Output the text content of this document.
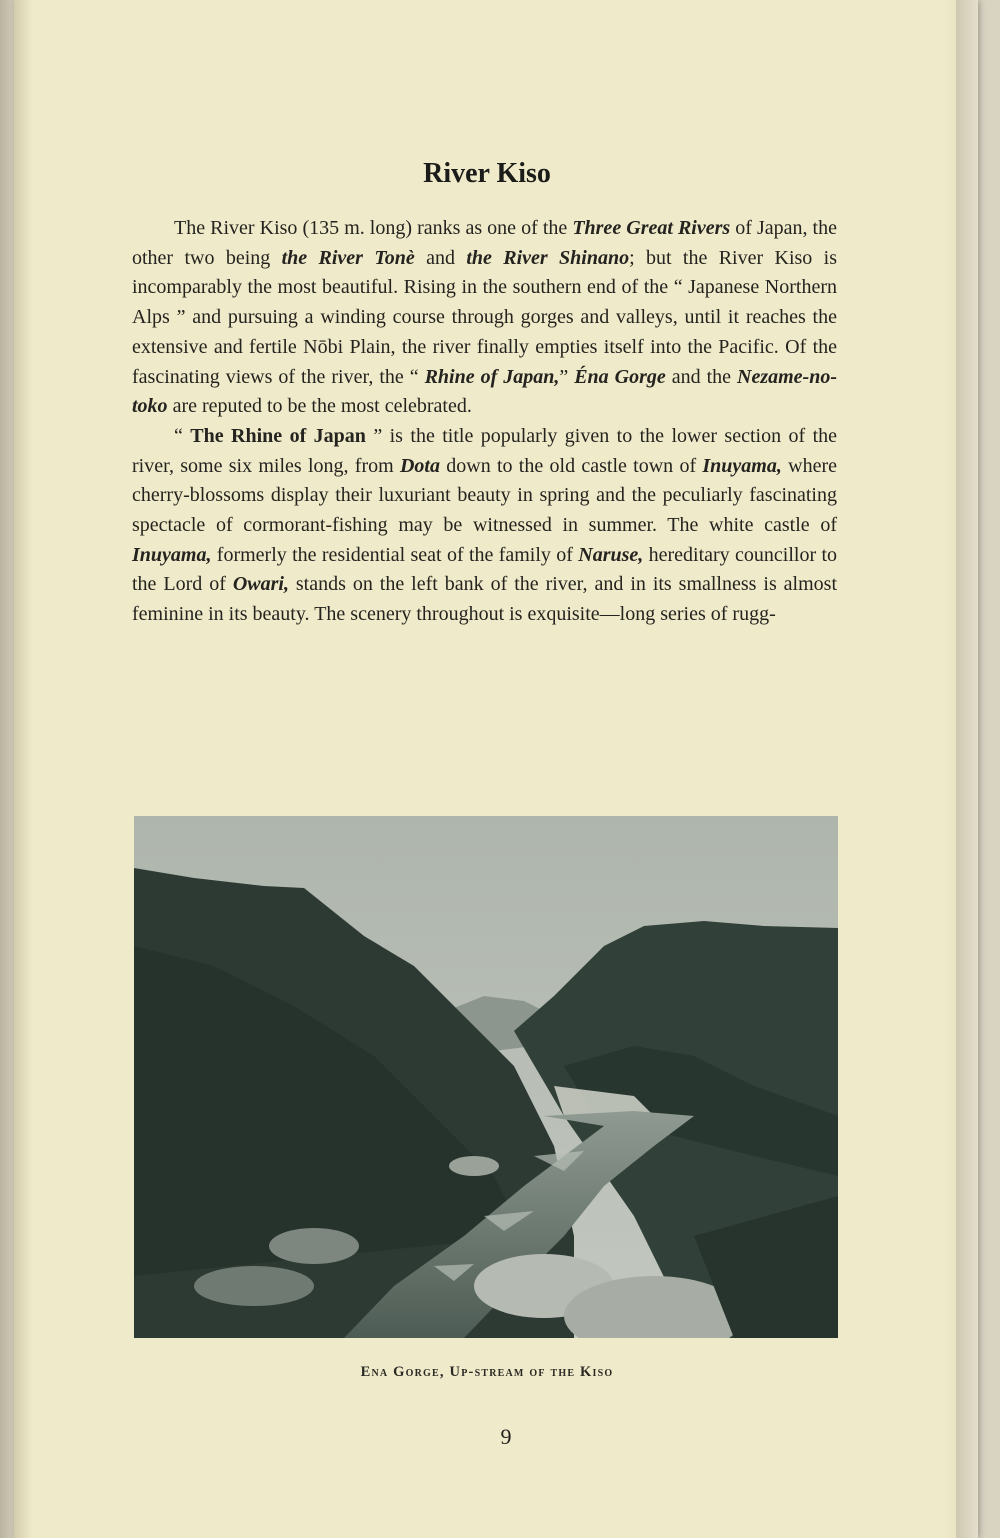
River Kiso

The River Kiso (135 m. long) ranks as one of the Three Great Rivers of Japan, the other two being the River Tonè and the River Shinano; but the River Kiso is incomparably the most beautiful. Rising in the southern end of the “ Japanese Northern Alps ” and pursuing a winding course through gorges and valleys, until it reaches the extensive and fertile Nōbi Plain, the river finally empties itself into the Pacific. Of the fascinating views of the river, the “ Rhine of Japan,” Éna Gorge and the Nezame-no-toko are reputed to be the most celebrated.

“ The Rhine of Japan ” is the title popularly given to the lower section of the river, some six miles long, from Dota down to the old castle town of Inuyama, where cherry-blossoms display their luxuriant beauty in spring and the peculiarly fascinating spectacle of cormorant-fishing may be witnessed in summer. The white castle of Inuyama, formerly the residential seat of the family of Naruse, hereditary councillor to the Lord of Owari, stands on the left bank of the river, and in its smallness is almost feminine in its beauty. The scenery throughout is exquisite—long series of rugg-

Ena Gorge, Up-stream of the Kiso

9
